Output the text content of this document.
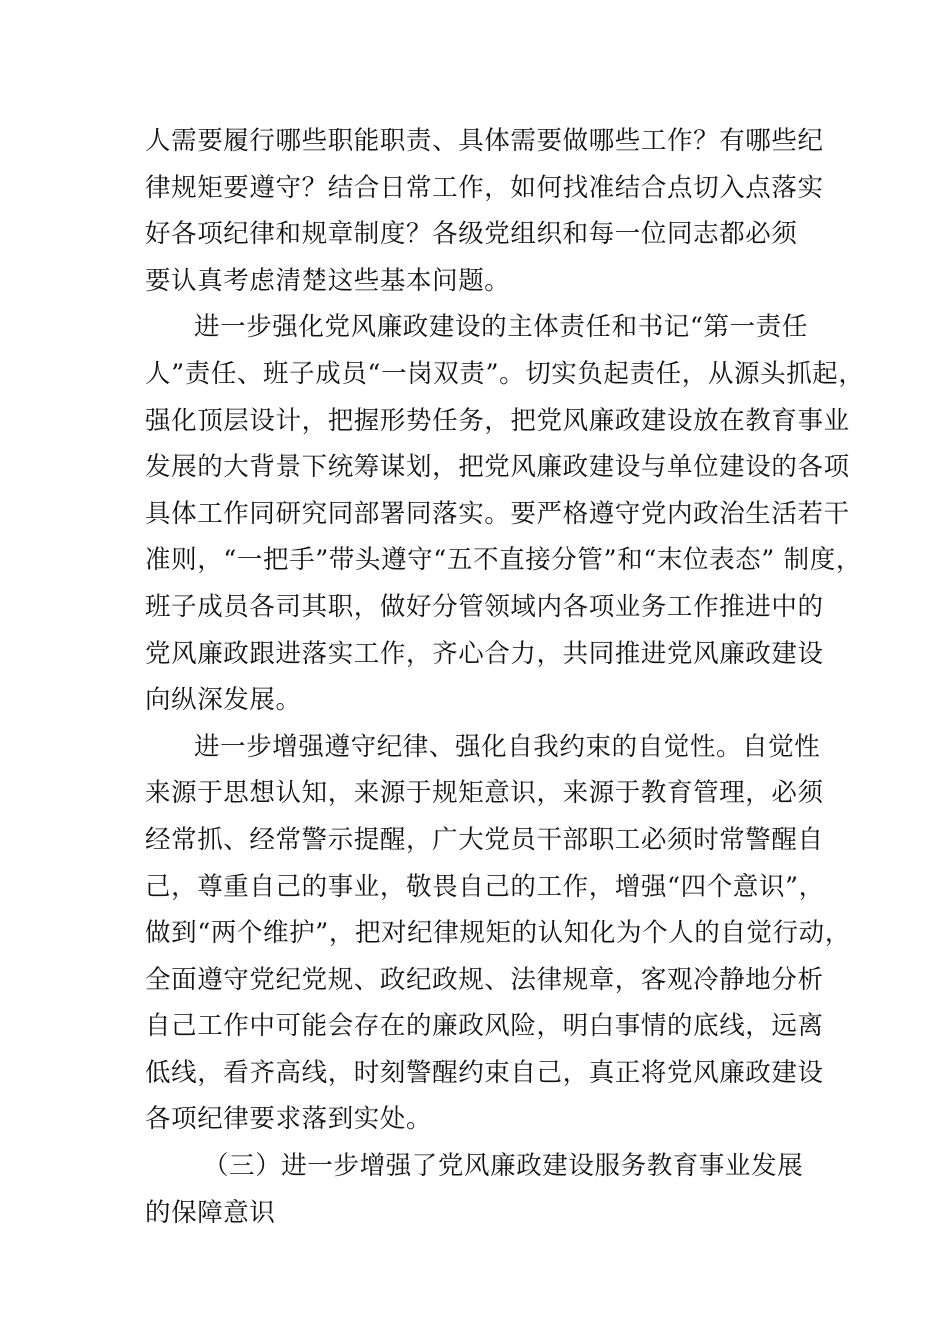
人需要履行哪些职能职责、具体需要做哪些工作？有哪些纪
律规矩要遵守？结合日常工作，如何找准结合点切入点落实
好各项纪律和规章制度？各级党组织和每一位同志都必须
要认真考虑清楚这些基本问题。
进一步强化党风廉政建设的主体责任和书记“第一责任
人”责任、班子成员“一岗双责”。切实负起责任，从源头抓起，
强化顶层设计，把握形势任务，把党风廉政建设放在教育事业
发展的大背景下统筹谋划，把党风廉政建设与单位建设的各项
具体工作同研究同部署同落实。要严格遵守党内政治生活若干
准则，“一把手”带头遵守“五不直接分管”和“末位表态” 制度，
班子成员各司其职，做好分管领域内各项业务工作推进中的
党风廉政跟进落实工作，齐心合力，共同推进党风廉政建设
向纵深发展。
进一步增强遵守纪律、强化自我约束的自觉性。自觉性
来源于思想认知，来源于规矩意识，来源于教育管理，必须
经常抓、经常警示提醒，广大党员干部职工必须时常警醒自
己，尊重自己的事业，敬畏自己的工作，增强“四个意识”，
做到“两个维护”，把对纪律规矩的认知化为个人的自觉行动，
全面遵守党纪党规、政纪政规、法律规章，客观冷静地分析
自己工作中可能会存在的廉政风险，明白事情的底线，远离
低线，看齐高线，时刻警醒约束自己，真正将党风廉政建设
各项纪律要求落到实处。
（三）进一步增强了党风廉政建设服务教育事业发展
的保障意识
